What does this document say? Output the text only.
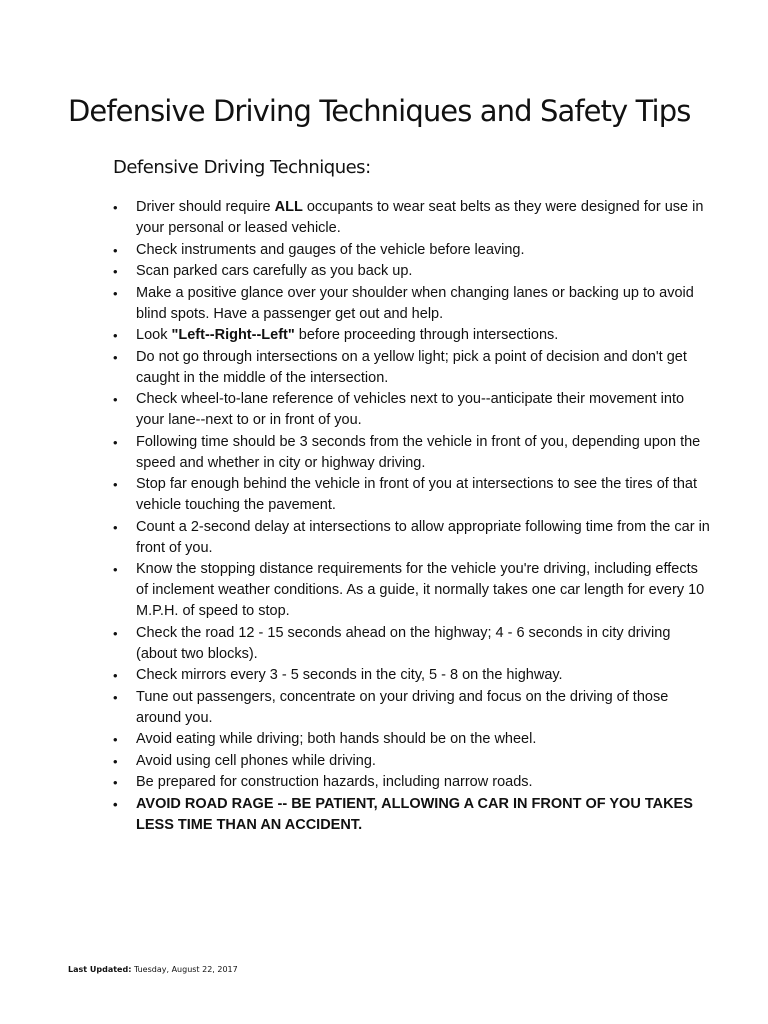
Defensive Driving Techniques and Safety Tips
Defensive Driving Techniques:
• Driver should require ALL occupants to wear seat belts as they were designed for use in your personal or leased vehicle.
• Check instruments and gauges of the vehicle before leaving.
• Scan parked cars carefully as you back up.
• Make a positive glance over your shoulder when changing lanes or backing up to avoid blind spots. Have a passenger get out and help.
• Look "Left--Right--Left" before proceeding through intersections.
• Do not go through intersections on a yellow light; pick a point of decision and don't get caught in the middle of the intersection.
• Check wheel-to-lane reference of vehicles next to you--anticipate their movement into your lane--next to or in front of you.
• Following time should be 3 seconds from the vehicle in front of you, depending upon the speed and whether in city or highway driving.
• Stop far enough behind the vehicle in front of you at intersections to see the tires of that vehicle touching the pavement.
• Count a 2-second delay at intersections to allow appropriate following time from the car in front of you.
• Know the stopping distance requirements for the vehicle you're driving, including effects of inclement weather conditions. As a guide, it normally takes one car length for every 10 M.P.H. of speed to stop.
• Check the road 12 - 15 seconds ahead on the highway; 4 - 6 seconds in city driving (about two blocks).
• Check mirrors every 3 - 5 seconds in the city, 5 - 8 on the highway.
• Tune out passengers, concentrate on your driving and focus on the driving of those around you.
• Avoid eating while driving; both hands should be on the wheel.
• Avoid using cell phones while driving.
• Be prepared for construction hazards, including narrow roads.
• AVOID ROAD RAGE -- BE PATIENT, ALLOWING A CAR IN FRONT OF YOU TAKES LESS TIME THAN AN ACCIDENT.

Last Updated: Tuesday, August 22, 2017
